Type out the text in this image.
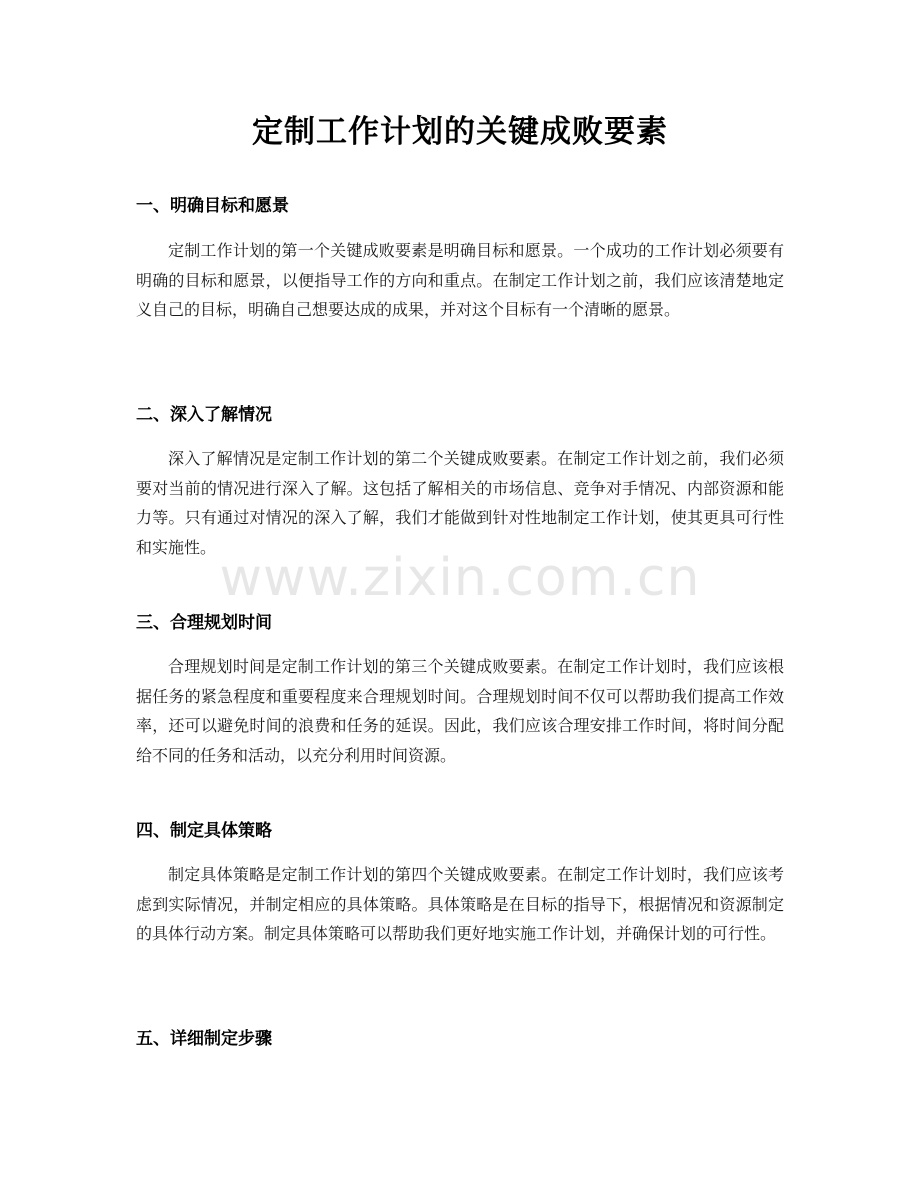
定制工作计划的关键成败要素
一、明确目标和愿景

定制工作计划的第一个关键成败要素是明确目标和愿景。一个成功的工作计划必须要有明确的目标和愿景，以便指导工作的方向和重点。在制定工作计划之前，我们应该清楚地定义自己的目标，明确自己想要达成的成果，并对这个目标有一个清晰的愿景。

二、深入了解情况

深入了解情况是定制工作计划的第二个关键成败要素。在制定工作计划之前，我们必须要对当前的情况进行深入了解。这包括了解相关的市场信息、竞争对手情况、内部资源和能力等。只有通过对情况的深入了解，我们才能做到针对性地制定工作计划，使其更具可行性和实施性。

三、合理规划时间

合理规划时间是定制工作计划的第三个关键成败要素。在制定工作计划时，我们应该根据任务的紧急程度和重要程度来合理规划时间。合理规划时间不仅可以帮助我们提高工作效率，还可以避免时间的浪费和任务的延误。因此，我们应该合理安排工作时间，将时间分配给不同的任务和活动，以充分利用时间资源。

四、制定具体策略

制定具体策略是定制工作计划的第四个关键成败要素。在制定工作计划时，我们应该考虑到实际情况，并制定相应的具体策略。具体策略是在目标的指导下，根据情况和资源制定的具体行动方案。制定具体策略可以帮助我们更好地实施工作计划，并确保计划的可行性。

五、详细制定步骤
www.zixin.com.cn
